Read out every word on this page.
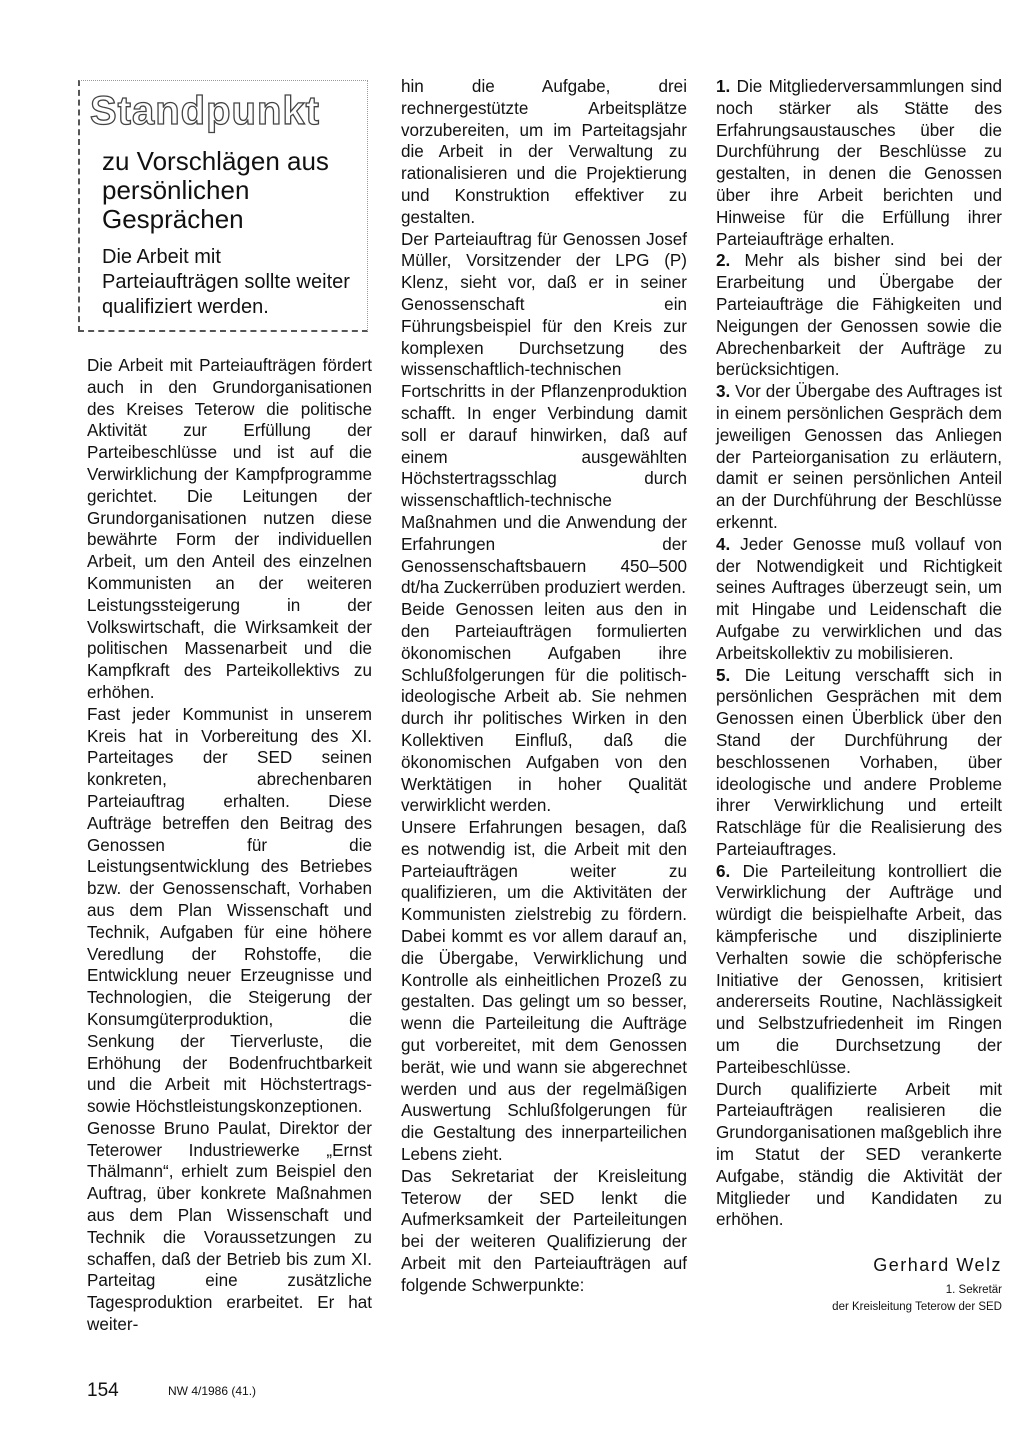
Standpunkt
zu Vorschlägen aus persönlichen Gesprächen
Die Arbeit mit Parteiaufträgen sollte weiter qualifiziert werden.

Die Arbeit mit Parteiaufträgen fördert auch in den Grundorganisationen des Kreises Teterow die politische Aktivität zur Erfüllung der Parteibeschlüsse und ist auf die Verwirklichung der Kampfprogramme gerichtet. Die Leitungen der Grundorganisationen nutzen diese bewährte Form der individuellen Arbeit, um den Anteil des einzelnen Kommunisten an der weiteren Leistungssteigerung in der Volkswirtschaft, die Wirksamkeit der politischen Massenarbeit und die Kampfkraft des Parteikollektivs zu erhöhen.

Fast jeder Kommunist in unserem Kreis hat in Vorbereitung des XI. Parteitages der SED seinen konkreten, abrechenbaren Parteiauftrag erhalten. Diese Aufträge betreffen den Beitrag des Genossen für die Leistungsentwicklung des Betriebes bzw. der Genossenschaft, Vorhaben aus dem Plan Wissenschaft und Technik, Aufgaben für eine höhere Veredlung der Rohstoffe, die Entwicklung neuer Erzeugnisse und Technologien, die Steigerung der Konsumgüterproduktion, die Senkung der Tierverluste, die Erhöhung der Bodenfruchtbarkeit und die Arbeit mit Höchstertrags- sowie Höchstleistungskonzeptionen.

Genosse Bruno Paulat, Direktor der Teterower Industriewerke „Ernst Thälmann“, erhielt zum Beispiel den Auftrag, über konkrete Maßnahmen aus dem Plan Wissenschaft und Technik die Voraussetzungen zu schaffen, daß der Betrieb bis zum XI. Parteitag eine zusätzliche Tagesproduktion erarbeitet. Er hat weiter-

hin die Aufgabe, drei rechnergestützte Arbeitsplätze vorzubereiten, um im Parteitagsjahr die Arbeit in der Verwaltung zu rationalisieren und die Projektierung und Konstruktion effektiver zu gestalten.

Der Parteiauftrag für Genossen Josef Müller, Vorsitzender der LPG (P) Klenz, sieht vor, daß er in seiner Genossenschaft ein Führungsbeispiel für den Kreis zur komplexen Durchsetzung des wissenschaftlich-technischen Fortschritts in der Pflanzenproduktion schafft. In enger Verbindung damit soll er darauf hinwirken, daß auf einem ausgewählten Höchstertragsschlag durch wissenschaftlich-technische Maßnahmen und die Anwendung der Erfahrungen der Genossenschaftsbauern 450–500 dt/ha Zuckerrüben produziert werden.

Beide Genossen leiten aus den in den Parteiaufträgen formulierten ökonomischen Aufgaben ihre Schlußfolgerungen für die politisch-ideologische Arbeit ab. Sie nehmen durch ihr politisches Wirken in den Kollektiven Einfluß, daß die ökonomischen Aufgaben von den Werktätigen in hoher Qualität verwirklicht werden.

Unsere Erfahrungen besagen, daß es notwendig ist, die Arbeit mit den Parteiaufträgen weiter zu qualifizieren, um die Aktivitäten der Kommunisten zielstrebig zu fördern. Dabei kommt es vor allem darauf an, die Übergabe, Verwirklichung und Kontrolle als einheitlichen Prozeß zu gestalten. Das gelingt um so besser, wenn die Parteileitung die Aufträge gut vorbereitet, mit dem Genossen berät, wie und wann sie abgerechnet werden und aus der regelmäßigen Auswertung Schlußfolgerungen für die Gestaltung des innerparteilichen Lebens zieht.

Das Sekretariat der Kreisleitung Teterow der SED lenkt die Aufmerksamkeit der Parteileitungen bei der weiteren Qualifizierung der Arbeit mit den Parteiaufträgen auf folgende Schwerpunkte:

1. Die Mitgliederversammlungen sind noch stärker als Stätte des Erfahrungsaustausches über die Durchführung der Beschlüsse zu gestalten, in denen die Genossen über ihre Arbeit berichten und Hinweise für die Erfüllung ihrer Parteiaufträge erhalten.

2. Mehr als bisher sind bei der Erarbeitung und Übergabe der Parteiaufträge die Fähigkeiten und Neigungen der Genossen sowie die Abrechenbarkeit der Aufträge zu berücksichtigen.

3. Vor der Übergabe des Auftrages ist in einem persönlichen Gespräch dem jeweiligen Genossen das Anliegen der Parteiorganisation zu erläutern, damit er seinen persönlichen Anteil an der Durchführung der Beschlüsse erkennt.

4. Jeder Genosse muß vollauf von der Notwendigkeit und Richtigkeit seines Auftrages überzeugt sein, um mit Hingabe und Leidenschaft die Aufgabe zu verwirklichen und das Arbeitskollektiv zu mobilisieren.

5. Die Leitung verschafft sich in persönlichen Gesprächen mit dem Genossen einen Überblick über den Stand der Durchführung der beschlossenen Vorhaben, über ideologische und andere Probleme ihrer Verwirklichung und erteilt Ratschläge für die Realisierung des Parteiauftrages.

6. Die Parteileitung kontrolliert die Verwirklichung der Aufträge und würdigt die beispielhafte Arbeit, das kämpferische und disziplinierte Verhalten sowie die schöpferische Initiative der Genossen, kritisiert andererseits Routine, Nachlässigkeit und Selbstzufriedenheit im Ringen um die Durchsetzung der Parteibeschlüsse.

Durch qualifizierte Arbeit mit Parteiaufträgen realisieren die Grundorganisationen maßgeblich ihre im Statut der SED verankerte Aufgabe, ständig die Aktivität der Mitglieder und Kandidaten zu erhöhen.

Gerhard Welz
1. Sekretär
der Kreisleitung Teterow der SED
154	NW 4/1986 (41.)
